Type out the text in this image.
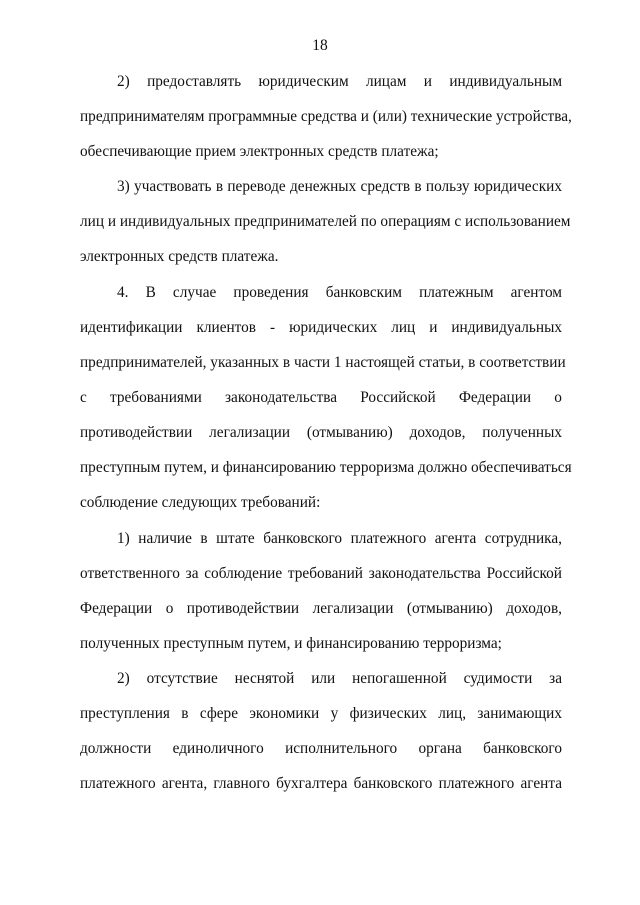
18
2) предоставлять юридическим лицам и индивидуальным
предпринимателям программные средства и (или) технические устройства,
обеспечивающие прием электронных средств платежа;
3) участвовать в переводе денежных средств в пользу юридических
лиц и индивидуальных предпринимателей по операциям с использованием
электронных средств платежа.
4. В случае проведения банковским платежным агентом
идентификации клиентов - юридических лиц и индивидуальных
предпринимателей, указанных в части 1 настоящей статьи, в соответствии
с требованиями законодательства Российской Федерации о
противодействии легализации (отмыванию) доходов, полученных
преступным путем, и финансированию терроризма должно обеспечиваться
соблюдение следующих требований:
1) наличие в штате банковского платежного агента сотрудника,
ответственного за соблюдение требований законодательства Российской
Федерации о противодействии легализации (отмыванию) доходов,
полученных преступным путем, и финансированию терроризма;
2) отсутствие неснятой или непогашенной судимости за
преступления в сфере экономики у физических лиц, занимающих
должности единоличного исполнительного органа банковского
платежного агента, главного бухгалтера банковского платежного агента
